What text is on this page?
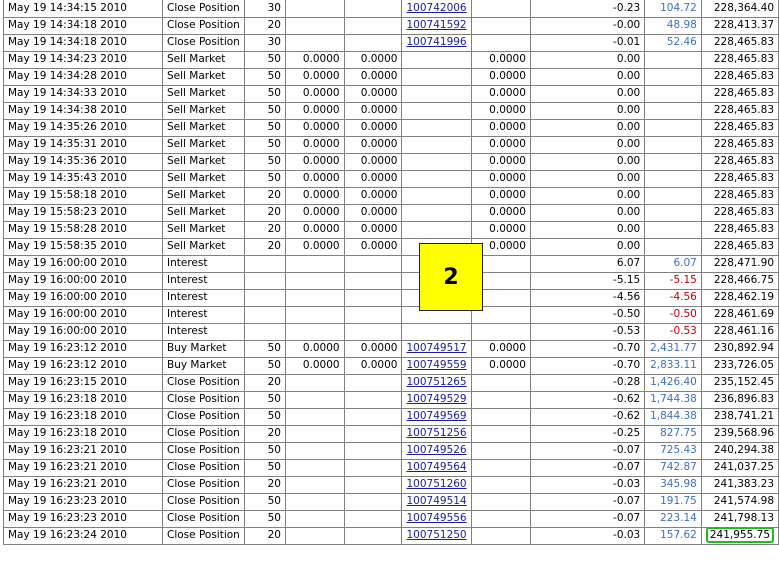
May 19 14:34:15 2010	Close Position	30			100742006		-0.23	104.72	228,364.40
May 19 14:34:18 2010	Close Position	20			100741592		-0.00	48.98	228,413.37
May 19 14:34:18 2010	Close Position	30			100741996		-0.01	52.46	228,465.83
May 19 14:34:23 2010	Sell Market	50	0.0000	0.0000		0.0000	0.00		228,465.83
May 19 14:34:28 2010	Sell Market	50	0.0000	0.0000		0.0000	0.00		228,465.83
May 19 14:34:33 2010	Sell Market	50	0.0000	0.0000		0.0000	0.00		228,465.83
May 19 14:34:38 2010	Sell Market	50	0.0000	0.0000		0.0000	0.00		228,465.83
May 19 14:35:26 2010	Sell Market	50	0.0000	0.0000		0.0000	0.00		228,465.83
May 19 14:35:31 2010	Sell Market	50	0.0000	0.0000		0.0000	0.00		228,465.83
May 19 14:35:36 2010	Sell Market	50	0.0000	0.0000		0.0000	0.00		228,465.83
May 19 14:35:43 2010	Sell Market	50	0.0000	0.0000		0.0000	0.00		228,465.83
May 19 15:58:18 2010	Sell Market	20	0.0000	0.0000		0.0000	0.00		228,465.83
May 19 15:58:23 2010	Sell Market	20	0.0000	0.0000		0.0000	0.00		228,465.83
May 19 15:58:28 2010	Sell Market	20	0.0000	0.0000		0.0000	0.00		228,465.83
May 19 15:58:35 2010	Sell Market	20	0.0000	0.0000		0.0000	0.00		228,465.83
May 19 16:00:00 2010	Interest						6.07	6.07	228,471.90
May 19 16:00:00 2010	Interest						-5.15	-5.15	228,466.75
May 19 16:00:00 2010	Interest						-4.56	-4.56	228,462.19
May 19 16:00:00 2010	Interest						-0.50	-0.50	228,461.69
May 19 16:00:00 2010	Interest						-0.53	-0.53	228,461.16
May 19 16:23:12 2010	Buy Market	50	0.0000	0.0000	100749517	0.0000	-0.70	2,431.77	230,892.94
May 19 16:23:12 2010	Buy Market	50	0.0000	0.0000	100749559	0.0000	-0.70	2,833.11	233,726.05
May 19 16:23:15 2010	Close Position	20			100751265		-0.28	1,426.40	235,152.45
May 19 16:23:18 2010	Close Position	50			100749529		-0.62	1,744.38	236,896.83
May 19 16:23:18 2010	Close Position	50			100749569		-0.62	1,844.38	238,741.21
May 19 16:23:18 2010	Close Position	20			100751256		-0.25	827.75	239,568.96
May 19 16:23:21 2010	Close Position	50			100749526		-0.07	725.43	240,294.38
May 19 16:23:21 2010	Close Position	50			100749564		-0.07	742.87	241,037.25
May 19 16:23:21 2010	Close Position	20			100751260		-0.03	345.98	241,383.23
May 19 16:23:23 2010	Close Position	50			100749514		-0.07	191.75	241,574.98
May 19 16:23:23 2010	Close Position	50			100749556		-0.07	223.14	241,798.13
May 19 16:23:24 2010	Close Position	20			100751250		-0.03	157.62	241,955.75
2
